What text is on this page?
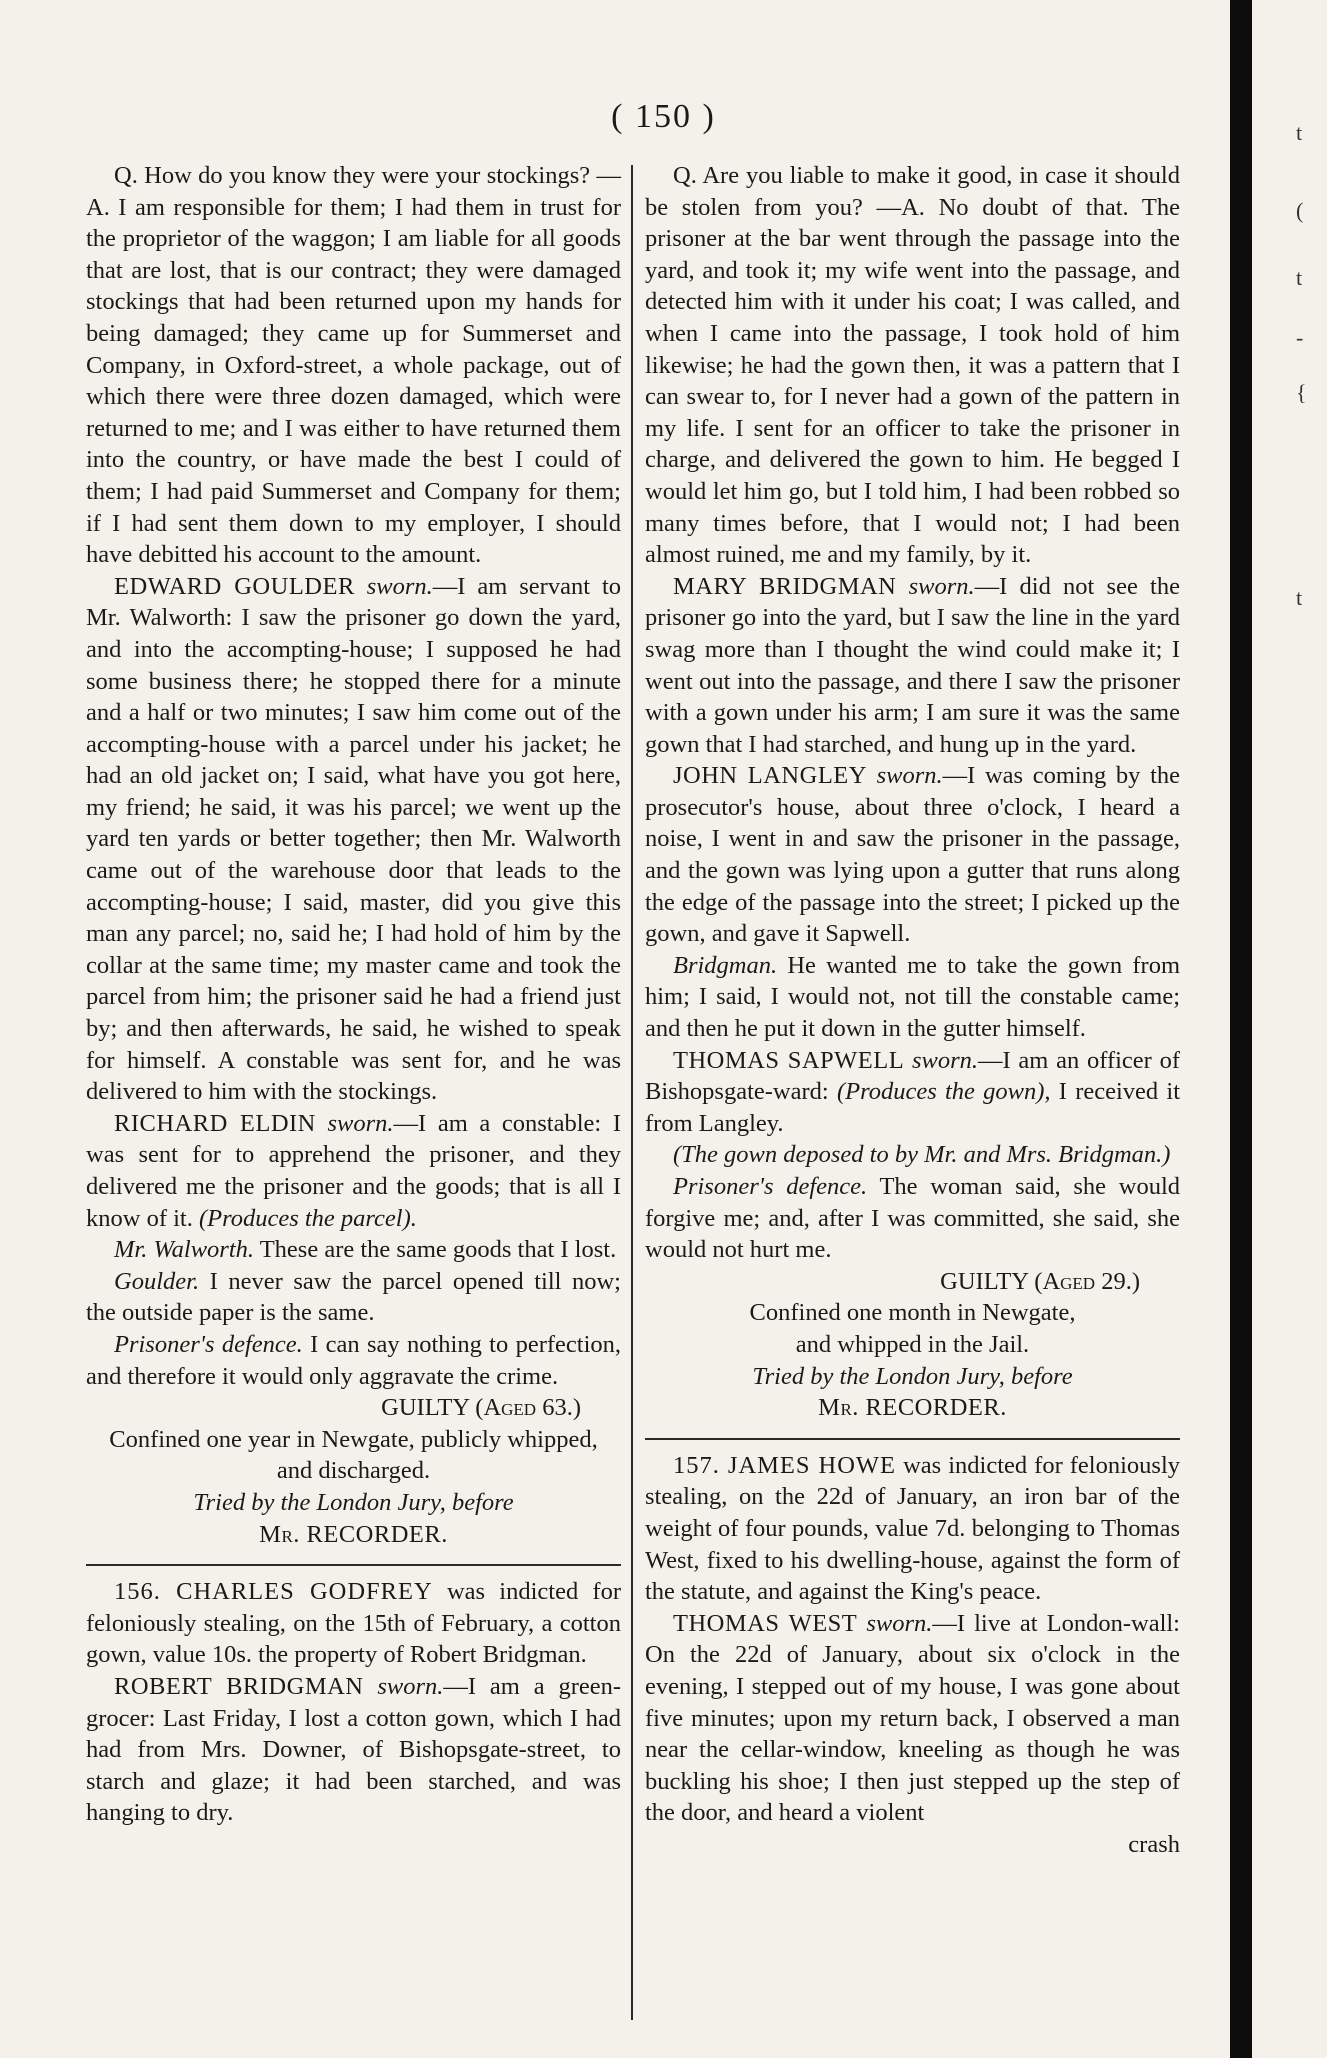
( 150 )

Q. How do you know they were your stockings? —A. I am responsible for them; I had them in trust for the proprietor of the waggon; I am liable for all goods that are lost, that is our contract; they were damaged stockings that had been returned upon my hands for being damaged; they came up for Summerset and Company, in Oxford-street, a whole package, out of which there were three dozen damaged, which were returned to me; and I was either to have returned them into the country, or have made the best I could of them; I had paid Summerset and Company for them; if I had sent them down to my employer, I should have debitted his account to the amount.

EDWARD GOULDER sworn.—I am servant to Mr. Walworth: I saw the prisoner go down the yard, and into the accompting-house; I supposed he had some business there; he stopped there for a minute and a half or two minutes; I saw him come out of the accompting-house with a parcel under his jacket; he had an old jacket on; I said, what have you got here, my friend; he said, it was his parcel; we went up the yard ten yards or better together; then Mr. Walworth came out of the warehouse door that leads to the accompting-house; I said, master, did you give this man any parcel; no, said he; I had hold of him by the collar at the same time; my master came and took the parcel from him; the prisoner said he had a friend just by; and then afterwards, he said, he wished to speak for himself. A constable was sent for, and he was delivered to him with the stockings.

RICHARD ELDIN sworn.—I am a constable: I was sent for to apprehend the prisoner, and they delivered me the prisoner and the goods; that is all I know of it. (Produces the parcel).

Mr. Walworth. These are the same goods that I lost.

Goulder. I never saw the parcel opened till now; the outside paper is the same.

Prisoner's defence. I can say nothing to perfection, and therefore it would only aggravate the crime.

GUILTY (Aged 63.)

Confined one year in Newgate, publicly whipped,

and discharged.

Tried by the London Jury, before

Mr. RECORDER.

156. CHARLES GODFREY was indicted for feloniously stealing, on the 15th of February, a cotton gown, value 10s. the property of Robert Bridgman.

ROBERT BRIDGMAN sworn.—I am a green-grocer: Last Friday, I lost a cotton gown, which I had had from Mrs. Downer, of Bishopsgate-street, to starch and glaze; it had been starched, and was hanging to dry.

Q. Are you liable to make it good, in case it should be stolen from you? —A. No doubt of that. The prisoner at the bar went through the passage into the yard, and took it; my wife went into the passage, and detected him with it under his coat; I was called, and when I came into the passage, I took hold of him likewise; he had the gown then, it was a pattern that I can swear to, for I never had a gown of the pattern in my life. I sent for an officer to take the prisoner in charge, and delivered the gown to him. He begged I would let him go, but I told him, I had been robbed so many times before, that I would not; I had been almost ruined, me and my family, by it.

MARY BRIDGMAN sworn.—I did not see the prisoner go into the yard, but I saw the line in the yard swag more than I thought the wind could make it; I went out into the passage, and there I saw the prisoner with a gown under his arm; I am sure it was the same gown that I had starched, and hung up in the yard.

JOHN LANGLEY sworn.—I was coming by the prosecutor's house, about three o'clock, I heard a noise, I went in and saw the prisoner in the passage, and the gown was lying upon a gutter that runs along the edge of the passage into the street; I picked up the gown, and gave it Sapwell.

Bridgman. He wanted me to take the gown from him; I said, I would not, not till the constable came; and then he put it down in the gutter himself.

THOMAS SAPWELL sworn.—I am an officer of Bishopsgate-ward: (Produces the gown), I received it from Langley.

(The gown deposed to by Mr. and Mrs. Bridgman.)

Prisoner's defence. The woman said, she would forgive me; and, after I was committed, she said, she would not hurt me.

GUILTY (Aged 29.)

Confined one month in Newgate,

and whipped in the Jail.

Tried by the London Jury, before

Mr. RECORDER.

157. JAMES HOWE was indicted for feloniously stealing, on the 22d of January, an iron bar of the weight of four pounds, value 7d. belonging to Thomas West, fixed to his dwelling-house, against the form of the statute, and against the King's peace.

THOMAS WEST sworn.—I live at London-wall: On the 22d of January, about six o'clock in the evening, I stepped out of my house, I was gone about five minutes; upon my return back, I observed a man near the cellar-window, kneeling as though he was buckling his shoe; I then just stepped up the step of the door, and heard a violent

crash

t
(
t
-
{
t
